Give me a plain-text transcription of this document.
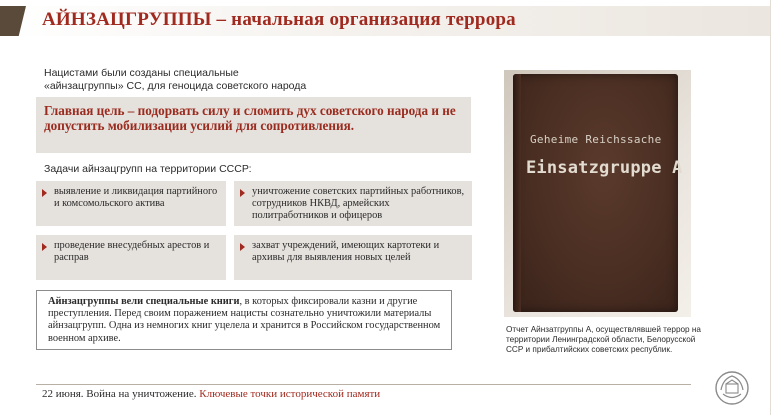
АЙНЗАЦГРУППЫ – начальная организация террора
Нацистами были созданы специальные
«айнзацгруппы» СС, для геноцида советского народа
Главная цель – подорвать силу и сломить дух советского народа и не допустить мобилизации усилий для сопротивления.
Задачи айнзацгрупп на территории СССР:
выявление и ликвидация партийного и комсомольского актива
уничтожение советских партийных работников, сотрудников НКВД, армейских политработников и офицеров
проведение внесудебных арестов и расправ
захват учреждений, имеющих картотеки и архивы для выявления новых целей
Айнзацгруппы вели специальные книги, в которых фиксировали казни и другие преступления. Перед своим поражением нацисты сознательно уничтожили материалы айнзацгрупп. Одна из немногих книг уцелела и хранится в Российском государственном военном архиве.
Geheime Reichssache
Einsatzgruppe A
Отчет Айнзатгруппы А, осуществлявшей террор на территории Ленинградской области, Белорусской ССР и прибалтийских советских республик.
22 июня. Война на уничтожение. Ключевые точки исторической памяти
